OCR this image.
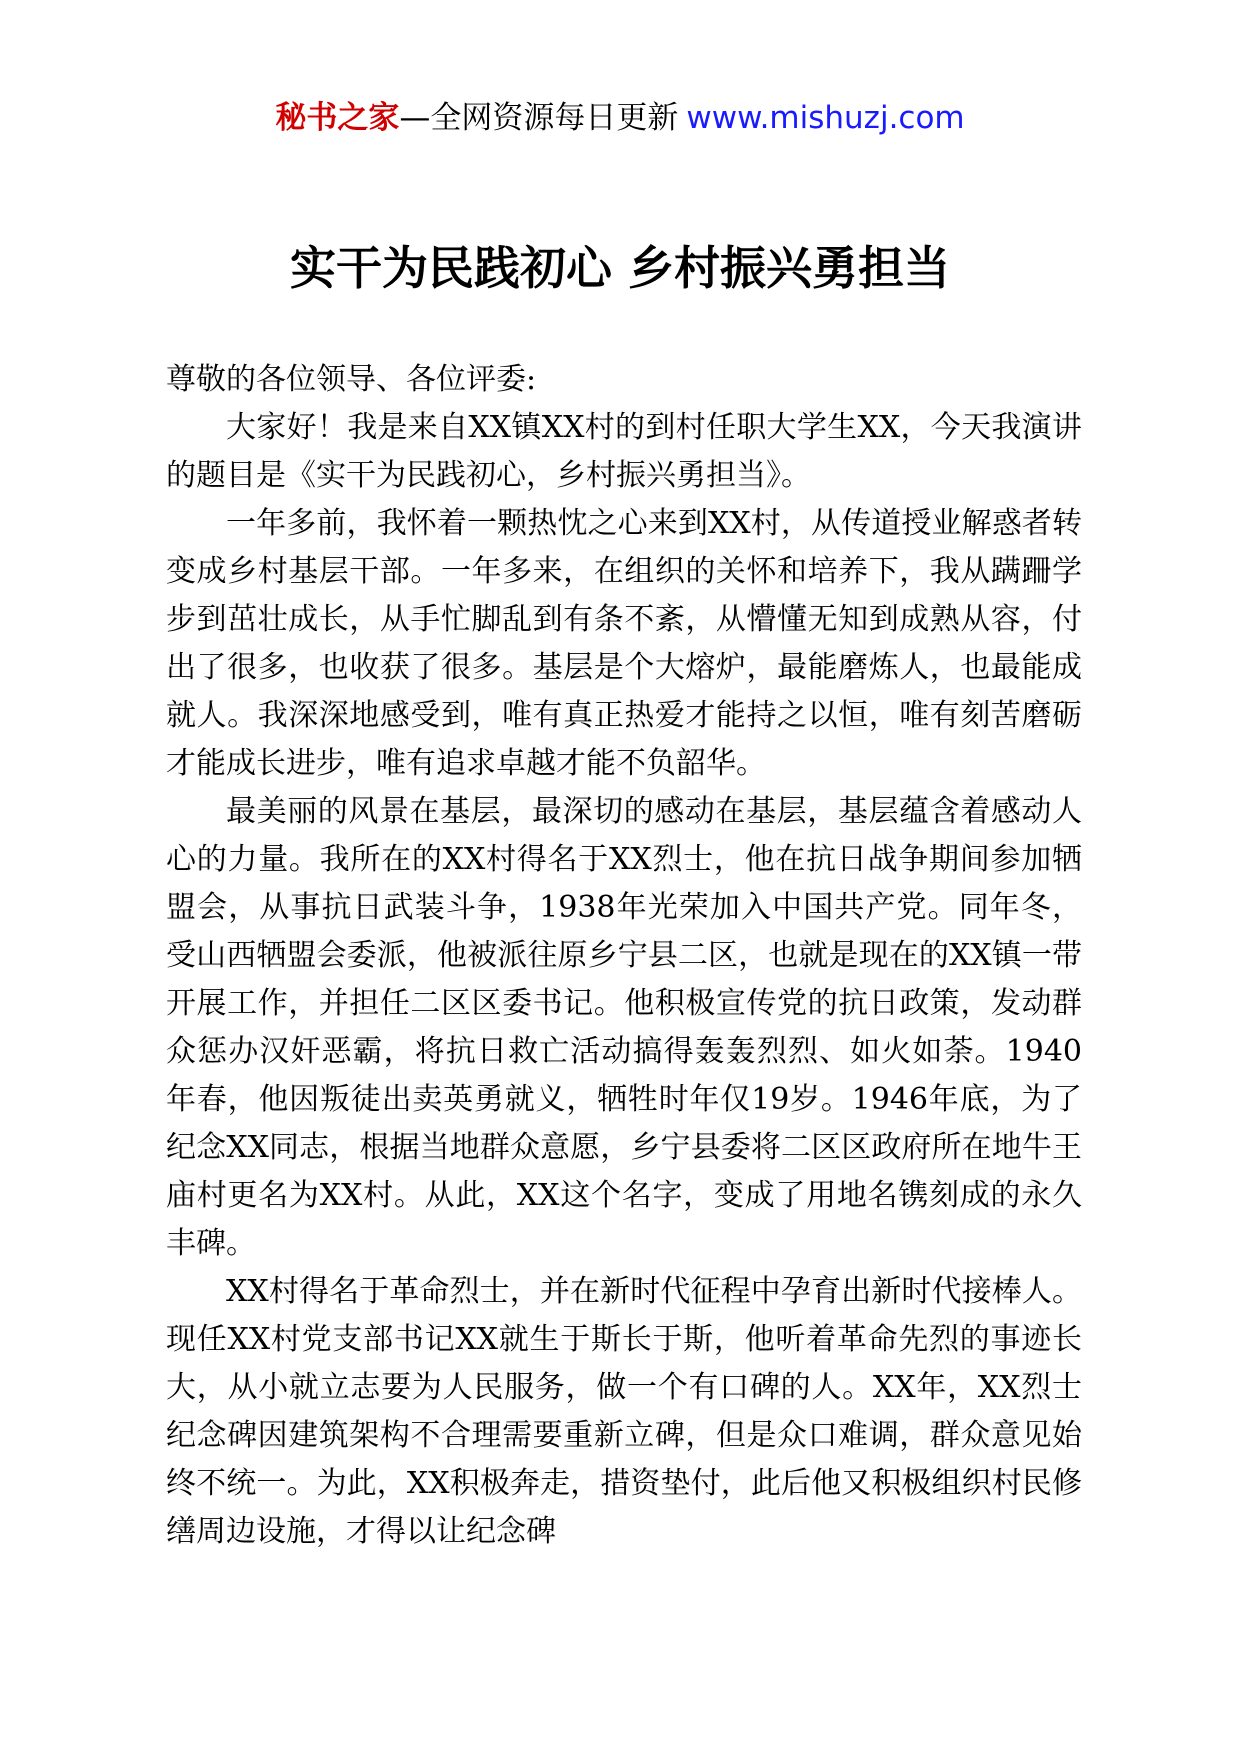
秘书之家—全网资源每日更新 www.mishuzj.com
实干为民践初心 乡村振兴勇担当

尊敬的各位领导、各位评委:

大家好！我是来自XX镇XX村的到村任职大学生XX，今天我演讲的题目是《实干为民践初心，乡村振兴勇担当》。

一年多前，我怀着一颗热忱之心来到XX村，从传道授业解惑者转变成乡村基层干部。一年多来，在组织的关怀和培养下，我从蹒跚学步到茁壮成长，从手忙脚乱到有条不紊，从懵懂无知到成熟从容，付出了很多，也收获了很多。基层是个大熔炉，最能磨炼人，也最能成就人。我深深地感受到，唯有真正热爱才能持之以恒，唯有刻苦磨砺才能成长进步，唯有追求卓越才能不负韶华。

最美丽的风景在基层，最深切的感动在基层，基层蕴含着感动人心的力量。我所在的XX村得名于XX烈士，他在抗日战争期间参加牺盟会，从事抗日武装斗争，1938年光荣加入中国共产党。同年冬，受山西牺盟会委派，他被派往原乡宁县二区，也就是现在的XX镇一带开展工作，并担任二区区委书记。他积极宣传党的抗日政策，发动群众惩办汉奸恶霸，将抗日救亡活动搞得轰轰烈烈、如火如荼。1940年春，他因叛徒出卖英勇就义，牺牲时年仅19岁。1946年底，为了纪念XX同志，根据当地群众意愿，乡宁县委将二区区政府所在地牛王庙村更名为XX村。从此，XX这个名字，变成了用地名镌刻成的永久丰碑。

XX村得名于革命烈士，并在新时代征程中孕育出新时代接棒人。现任XX村党支部书记XX就生于斯长于斯，他听着革命先烈的事迹长大，从小就立志要为人民服务，做一个有口碑的人。XX年，XX烈士纪念碑因建筑架构不合理需要重新立碑，但是众口难调，群众意见始终不统一。为此，XX积极奔走，措资垫付，此后他又积极组织村民修缮周边设施，才得以让纪念碑
